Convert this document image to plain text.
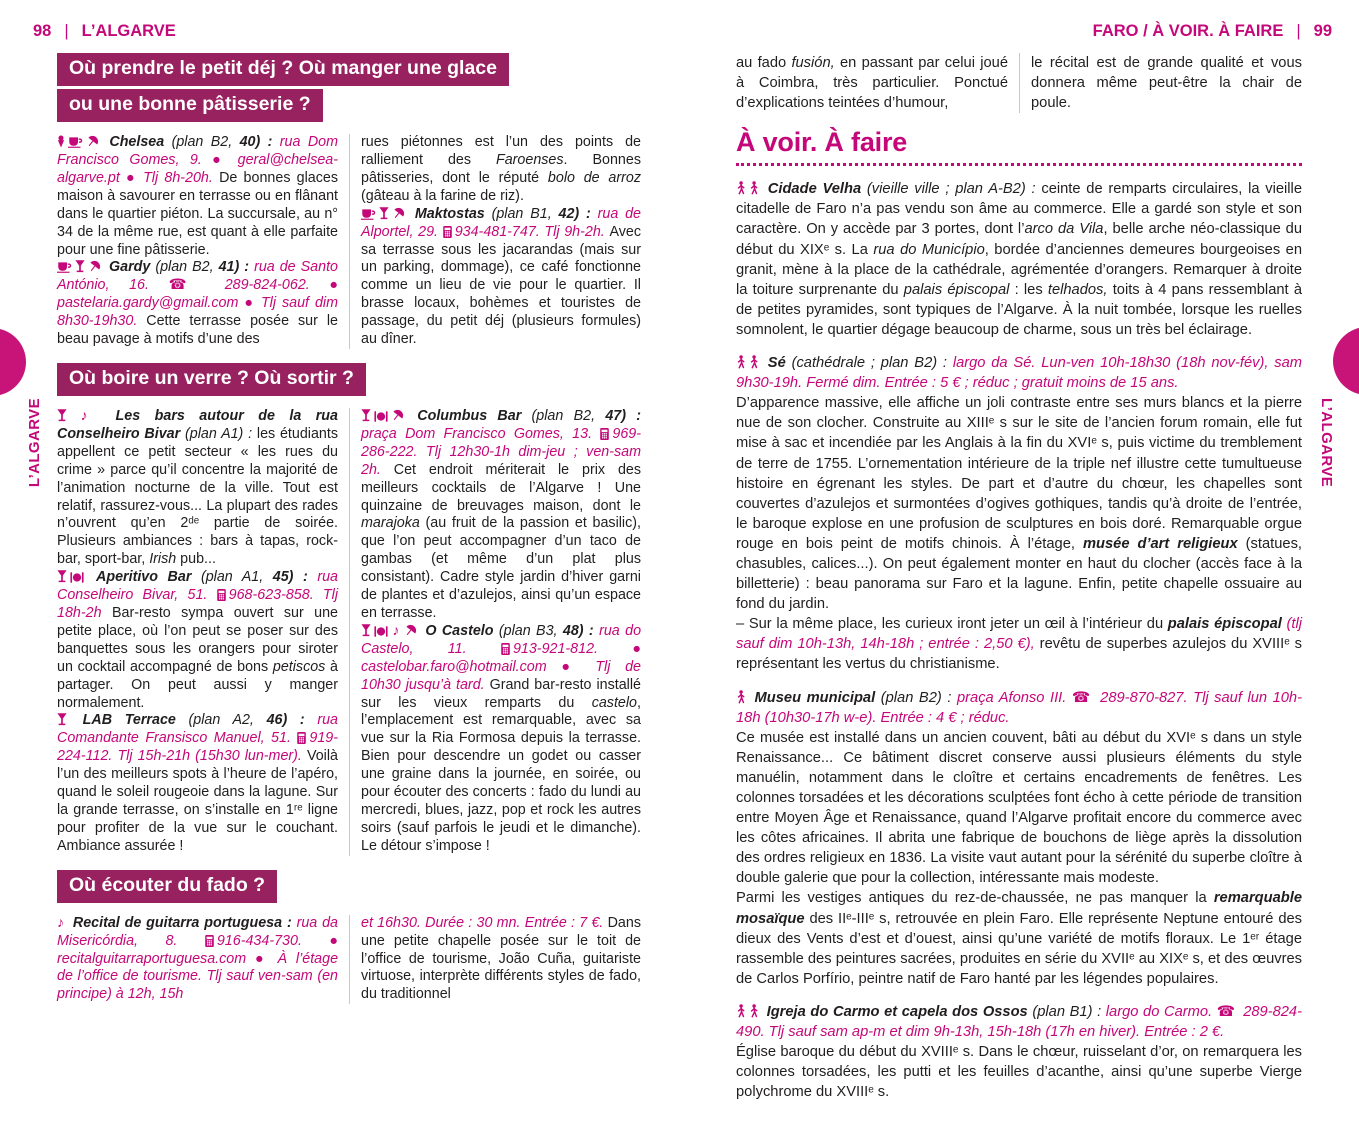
L’ALGARVE	L’ALGARVE
98 | L’ALGARVE
Où prendre le petit déj ? Où manger une glace
ou une bonne pâtisserie ?

Chelsea (plan B2, 40) : rua Dom Francisco Gomes, 9. ● geral@chelsea-algarve.pt ● Tlj 8h-20h. De bonnes glaces maison à savourer en terrasse ou en flânant dans le quartier piéton. La succursale, au n° 34 de la même rue, est quant à elle parfaite pour une fine pâtisserie.

Gardy (plan B2, 41) : rua de Santo António, 16. ☎ 289-824-062. ● pastelaria.gardy@gmail.com ● Tlj sauf dim 8h30-19h30. Cette terrasse posée sur le beau pavage à motifs d’une des

rues piétonnes est l’un des points de ralliement des Faroenses. Bonnes pâtisseries, dont le réputé bolo de arroz (gâteau à la farine de riz).

Maktostas (plan B1, 42) : rua de Alportel, 29. 934-481-747. Tlj 9h-2h. Avec sa terrasse sous les jacarandas (mais sur un parking, dommage), ce café fonctionne comme un lieu de vie pour le quartier. Il brasse locaux, bohèmes et touristes de passage, du petit déj (plusieurs formules) au dîner.

Où boire un verre ? Où sortir ?

♪ Les bars autour de la rua Conselheiro Bivar (plan A1) : les étudiants appellent ce petit secteur « les rues du crime » parce qu’il concentre la majorité de l’animation nocturne de la ville. Tout est relatif, rassurez-vous... La plupart des rades n’ouvrent qu’en 2ᵈᵉ partie de soirée. Plusieurs ambiances : bars à tapas, rock-bar, sport-bar, Irish pub...

Aperitivo Bar (plan A1, 45) : rua Conselheiro Bivar, 51. 968-623-858. Tlj 18h-2h Bar-resto sympa ouvert sur une petite place, où l’on peut se poser sur des banquettes sous les orangers pour siroter un cocktail accompagné de bons petiscos à partager. On peut aussi y manger normalement.

LAB Terrace (plan A2, 46) : rua Comandante Fransisco Manuel, 51. 919-224-112. Tlj 15h-21h (15h30 lun-mer). Voilà l’un des meilleurs spots à l’heure de l’apéro, quand le soleil rougeoie dans la lagune. Sur la grande terrasse, on s’installe en 1ʳᵉ ligne pour profiter de la vue sur le couchant. Ambiance assurée !

Columbus Bar (plan B2, 47) : praça Dom Francisco Gomes, 13. 969-286-222. Tlj 12h30-1h dim-jeu ; ven-sam 2h. Cet endroit mériterait le prix des meilleurs cocktails de l’Algarve ! Une quinzaine de breuvages maison, dont le marajoka (au fruit de la passion et basilic), que l’on peut accompagner d’un taco de gambas (et même d’un plat plus consistant). Cadre style jardin d’hiver garni de plantes et d’azulejos, ainsi qu’un espace en terrasse.

♪ O Castelo (plan B3, 48) : rua do Castelo, 11. 913-921-812. ● castelobar.faro@hotmail.com ● Tlj de 10h30 jusqu’à tard. Grand bar-resto installé sur les vieux remparts du castelo, l’emplacement est remarquable, avec sa vue sur la Ria Formosa depuis la terrasse. Bien pour descendre un godet ou casser une graine dans la journée, en soirée, ou pour écouter des concerts : fado du lundi au mercredi, blues, jazz, pop et rock les autres soirs (sauf parfois le jeudi et le dimanche). Le détour s’impose !

Où écouter du fado ?

♪ Recital de guitarra portuguesa : rua da Misericórdia, 8. 916-434-730. ● recitalguitarraportuguesa.com ● À l’étage de l’office de tourisme. Tlj sauf ven-sam (en principe) à 12h, 15h

et 16h30. Durée : 30 mn. Entrée : 7 €. Dans une petite chapelle posée sur le toit de l’office de tourisme, João Cuña, guitariste virtuose, interprète différents styles de fado, du traditionnel

FARO / À VOIR. À FAIRE | 99

au fado fusión, en passant par celui joué à Coimbra, très particulier. Ponctué d’explications teintées d’humour,

le récital est de grande qualité et vous donnera même peut-être la chair de poule.

À voir. À faire

Cidade Velha (vieille ville ; plan A-B2) : ceinte de remparts circulaires, la vieille citadelle de Faro n’a pas vendu son âme au commerce. Elle a gardé son style et son caractère. On y accède par 3 portes, dont l’arco da Vila, belle arche néo-classique du début du XIXᵉ s. La rua do Município, bordée d’anciennes demeures bourgeoises en granit, mène à la place de la cathédrale, agrémentée d’orangers. Remarquer à droite la toiture surprenante du palais épiscopal : les telhados, toits à 4 pans ressemblant à de petites pyramides, sont typiques de l’Algarve. À la nuit tombée, lorsque les ruelles somnolent, le quartier dégage beaucoup de charme, sous un très bel éclairage.

Sé (cathédrale ; plan B2) : largo da Sé. Lun-ven 10h-18h30 (18h nov-fév), sam 9h30-19h. Fermé dim. Entrée : 5 € ; réduc ; gratuit moins de 15 ans.

D’apparence massive, elle affiche un joli contraste entre ses murs blancs et la pierre nue de son clocher. Construite au XIIIᵉ s sur le site de l’ancien forum romain, elle fut mise à sac et incendiée par les Anglais à la fin du XVIᵉ s, puis victime du tremblement de terre de 1755. L’ornementation intérieure de la triple nef illustre cette tumultueuse histoire en égrenant les styles. De part et d’autre du chœur, les chapelles sont couvertes d’azulejos et surmontées d’ogives gothiques, tandis qu’à droite de l’entrée, le baroque explose en une profusion de sculptures en bois doré. Remarquable orgue rouge en bois peint de motifs chinois. À l’étage, musée d’art religieux (statues, chasubles, calices...). On peut également monter en haut du clocher (accès face à la billetterie) : beau panorama sur Faro et la lagune. Enfin, petite chapelle ossuaire au fond du jardin.

– Sur la même place, les curieux iront jeter un œil à l’intérieur du palais épiscopal (tlj sauf dim 10h-13h, 14h-18h ; entrée : 2,50 €), revêtu de superbes azulejos du XVIIIᵉ s représentant les vertus du christianisme.

Museu municipal (plan B2) : praça Afonso III. ☎ 289-870-827. Tlj sauf lun 10h-18h (10h30-17h w-e). Entrée : 4 € ; réduc.

Ce musée est installé dans un ancien couvent, bâti au début du XVIᵉ s dans un style Renaissance... Ce bâtiment discret conserve aussi plusieurs éléments du style manuélin, notamment dans le cloître et certains encadrements de fenêtres. Les colonnes torsadées et les décorations sculptées font écho à cette période de transition entre Moyen Âge et Renaissance, quand l’Algarve profitait encore du commerce avec les côtes africaines. Il abrita une fabrique de bouchons de liège après la dissolution des ordres religieux en 1836. La visite vaut autant pour la sérénité du superbe cloître à double galerie que pour la collection, intéressante mais modeste.

Parmi les vestiges antiques du rez-de-chaussée, ne pas manquer la remarquable mosaïque des IIᵉ-IIIᵉ s, retrouvée en plein Faro. Elle représente Neptune entouré des dieux des Vents d’est et d’ouest, ainsi qu’une variété de motifs floraux. Le 1ᵉʳ étage rassemble des peintures sacrées, produites en série du XVIIᵉ au XIXᵉ s, et des œuvres de Carlos Porfírio, peintre natif de Faro hanté par les légendes populaires.

Igreja do Carmo et capela dos Ossos (plan B1) : largo do Carmo. ☎ 289-824-490. Tlj sauf sam ap-m et dim 9h-13h, 15h-18h (17h en hiver). Entrée : 2 €.

Église baroque du début du XVIIIᵉ s. Dans le chœur, ruisselant d’or, on remarquera les colonnes torsadées, les putti et les feuilles d’acanthe, ainsi qu’une superbe Vierge polychrome du XVIIIᵉ s.
